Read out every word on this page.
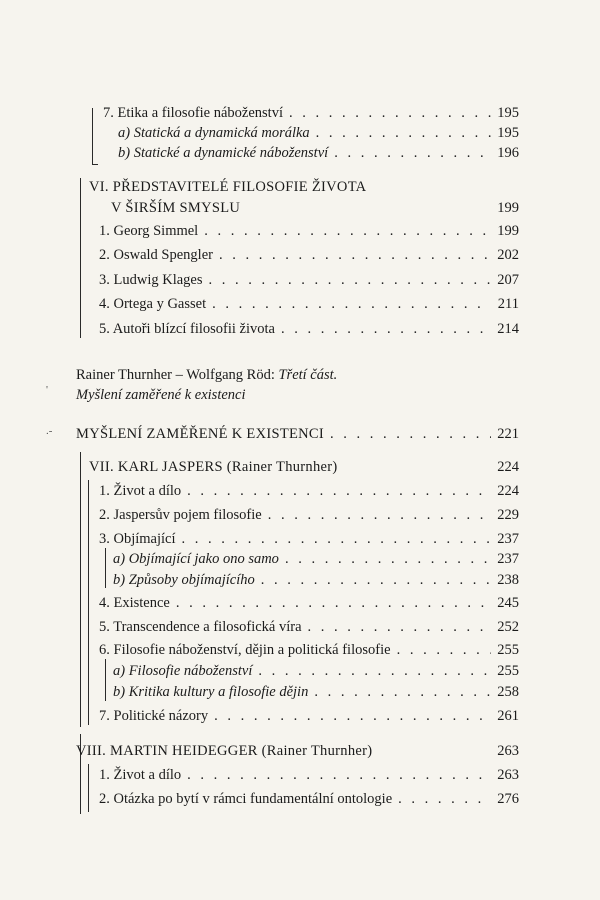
7. Etika a filosofie náboženství . . .	195
a) Statická a dynamická morálka . . .	195
b) Statické a dynamické náboženství . . .	196
VI. PŘEDSTAVITELÉ FILOSOFIE ŽIVOTA
V ŠIRŠÍM SMYSLU	199
1. Georg Simmel . . .	199
2. Oswald Spengler . . .	202
3. Ludwig Klages . . .	207
4. Ortega y Gasset . . .	211
5. Autoři blízcí filosofii života . . .	214
Rainer Thurnher – Wolfgang Röd: Třetí část.
Myšlení zaměřené k existenci
'
.- MYŠLENÍ ZAMĚŘENÉ K EXISTENCI . . .	221
VII. KARL JASPERS (Rainer Thurnher)	224
1. Život a dílo . . .	224
2. Jaspersův pojem filosofie . . .	229
3. Objímající . . .	237
a) Objímající jako ono samo . . .	237
b) Způsoby objímajícího . . .	238
4. Existence . . .	245
5. Transcendence a filosofická víra . . .	252
6. Filosofie náboženství, dějin a politická filosofie . . .	255
a) Filosofie náboženství . . .	255
b) Kritika kultury a filosofie dějin . . .	258
7. Politické názory . . .	261
VIII. MARTIN HEIDEGGER (Rainer Thurnher)	263
1. Život a dílo . . .	263
2. Otázka po bytí v rámci fundamentální ontologie . . .	276
